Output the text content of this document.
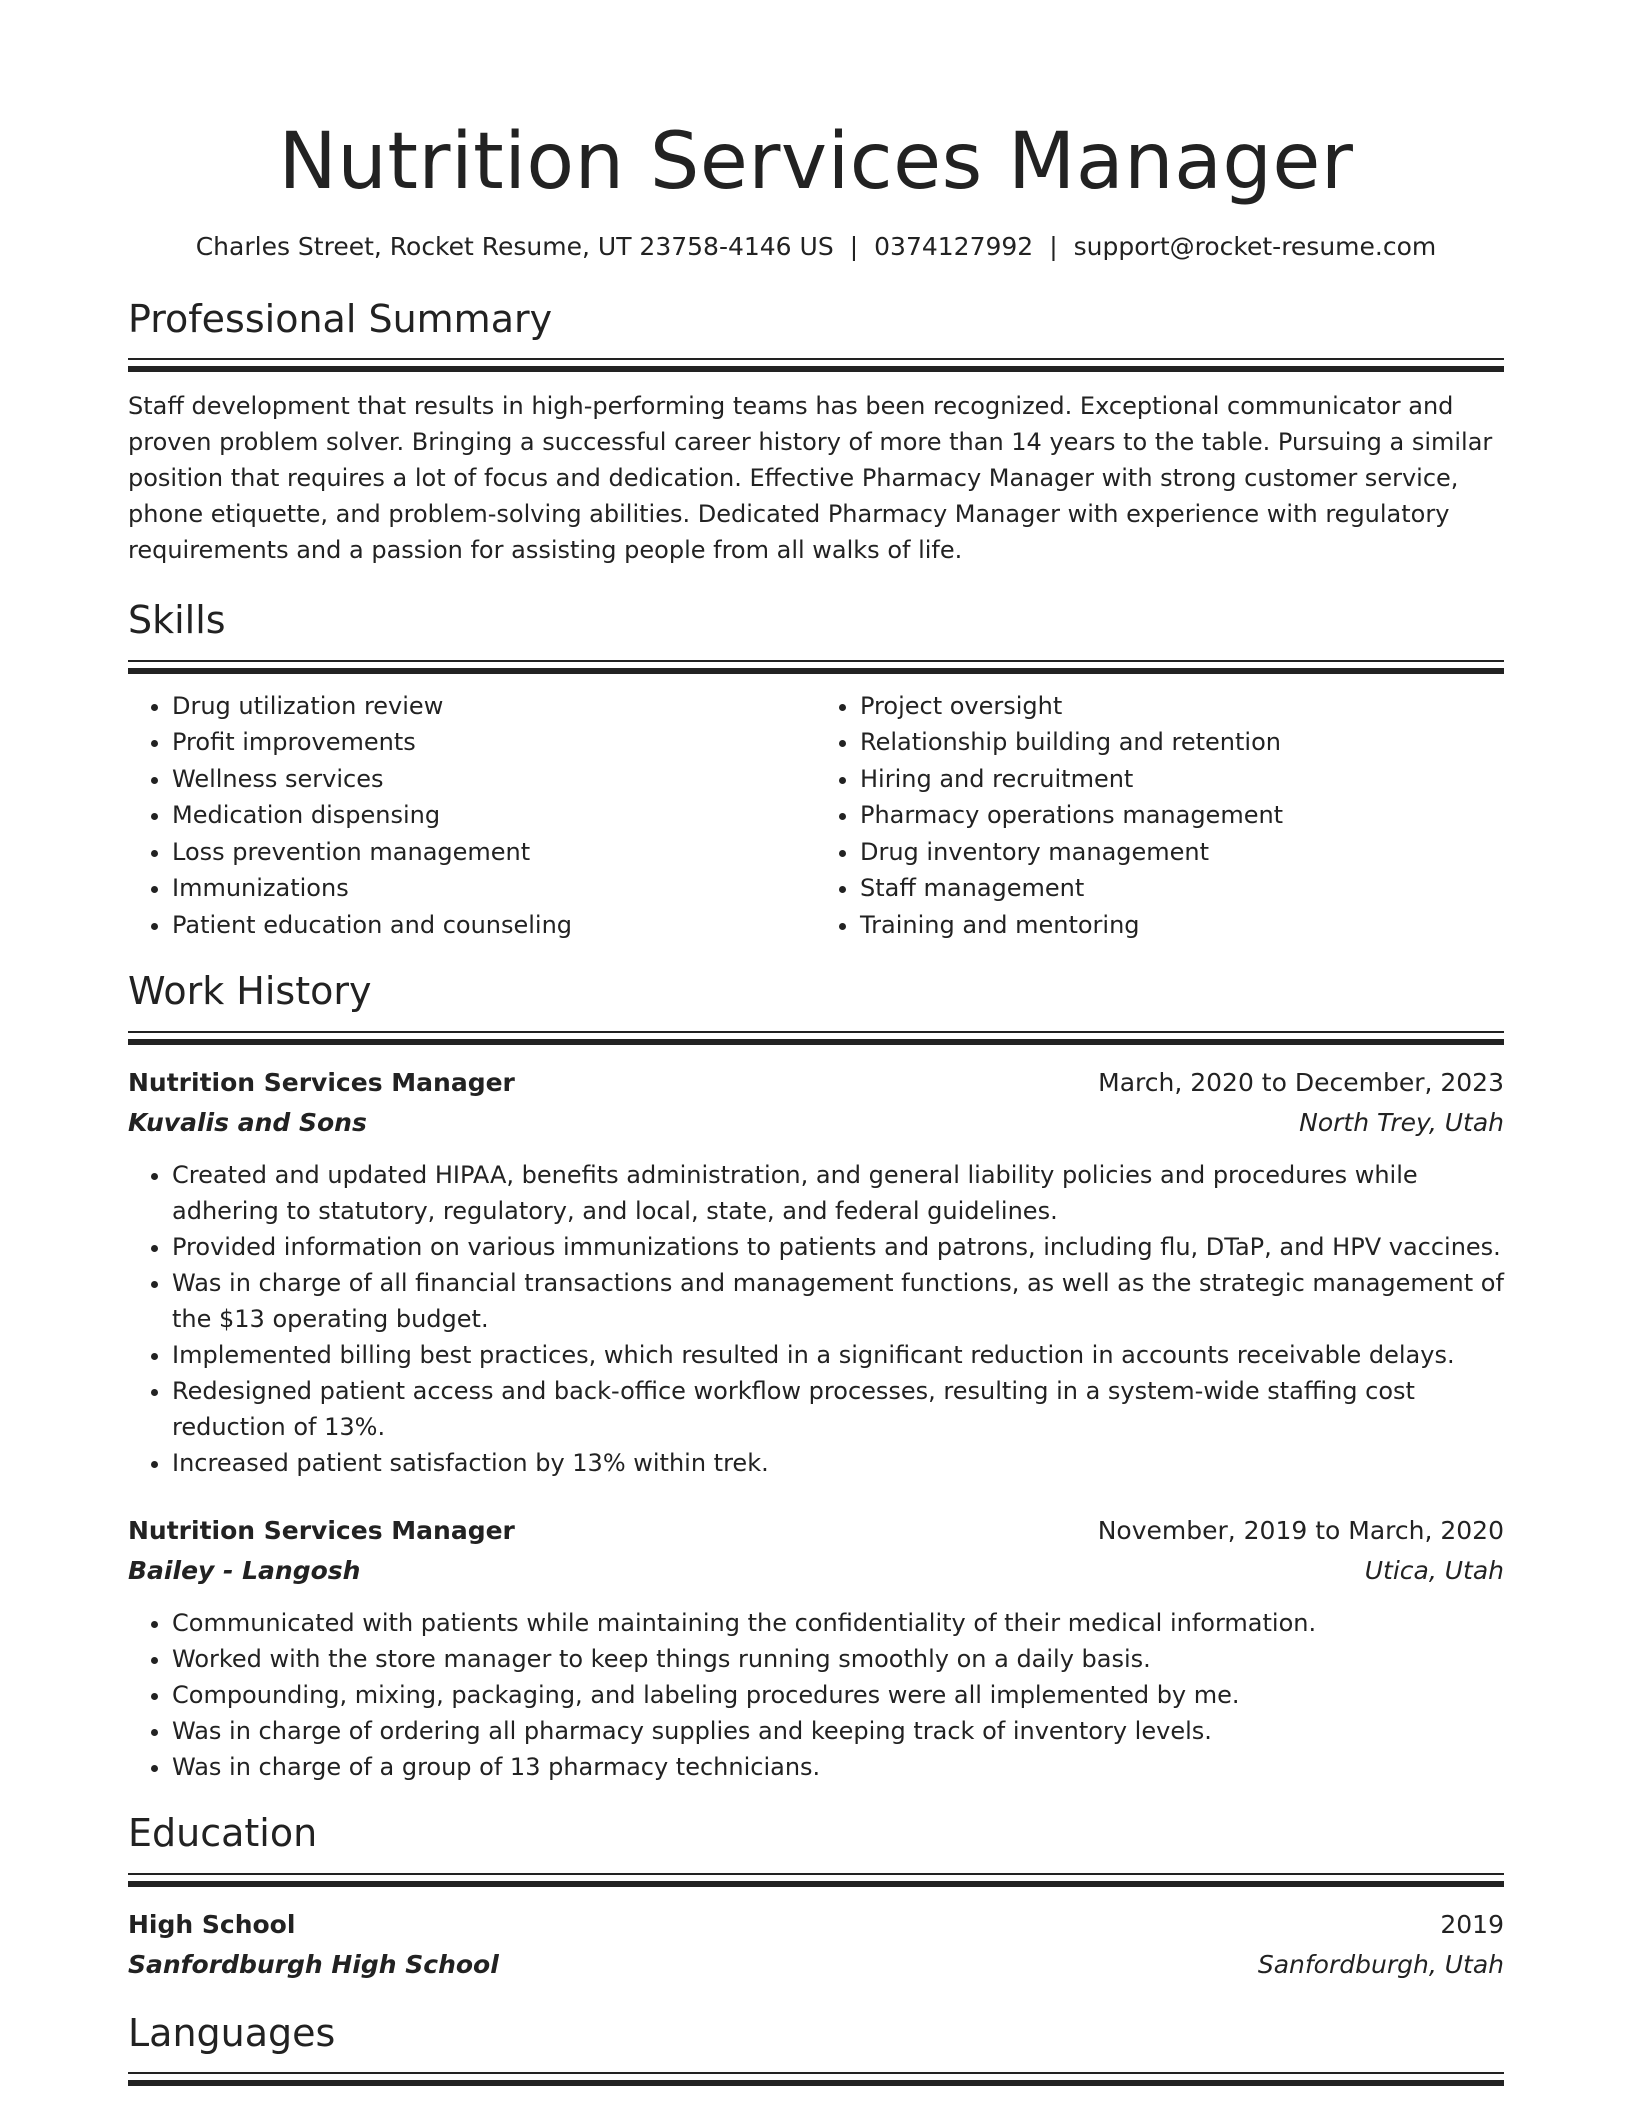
Nutrition Services Manager
Charles Street, Rocket Resume, UT 23758-4146 US | 0374127992 | support@rocket-resume.com
Professional Summary
Staff development that results in high-performing teams has been recognized. Exceptional communicator and proven problem solver. Bringing a successful career history of more than 14 years to the table. Pursuing a similar position that requires a lot of focus and dedication. Effective Pharmacy Manager with strong customer service, phone etiquette, and problem-solving abilities. Dedicated Pharmacy Manager with experience with regulatory requirements and a passion for assisting people from all walks of life.
Skills
• Drug utilization review
• Profit improvements
• Wellness services
• Medication dispensing
• Loss prevention management
• Immunizations
• Patient education and counseling
• Project oversight
• Relationship building and retention
• Hiring and recruitment
• Pharmacy operations management
• Drug inventory management
• Staff management
• Training and mentoring
Work History
Nutrition Services Manager	March, 2020 to December, 2023
Kuvalis and Sons	North Trey, Utah
• Created and updated HIPAA, benefits administration, and general liability policies and procedures while adhering to statutory, regulatory, and local, state, and federal guidelines.
• Provided information on various immunizations to patients and patrons, including flu, DTaP, and HPV vaccines.
• Was in charge of all financial transactions and management functions, as well as the strategic management of the $13 operating budget.
• Implemented billing best practices, which resulted in a significant reduction in accounts receivable delays.
• Redesigned patient access and back-office workflow processes, resulting in a system-wide staffing cost reduction of 13%.
• Increased patient satisfaction by 13% within trek.
Nutrition Services Manager	November, 2019 to March, 2020
Bailey - Langosh	Utica, Utah
• Communicated with patients while maintaining the confidentiality of their medical information.
• Worked with the store manager to keep things running smoothly on a daily basis.
• Compounding, mixing, packaging, and labeling procedures were all implemented by me.
• Was in charge of ordering all pharmacy supplies and keeping track of inventory levels.
• Was in charge of a group of 13 pharmacy technicians.
Education
High School	2019
Sanfordburgh High School	Sanfordburgh, Utah
Languages
